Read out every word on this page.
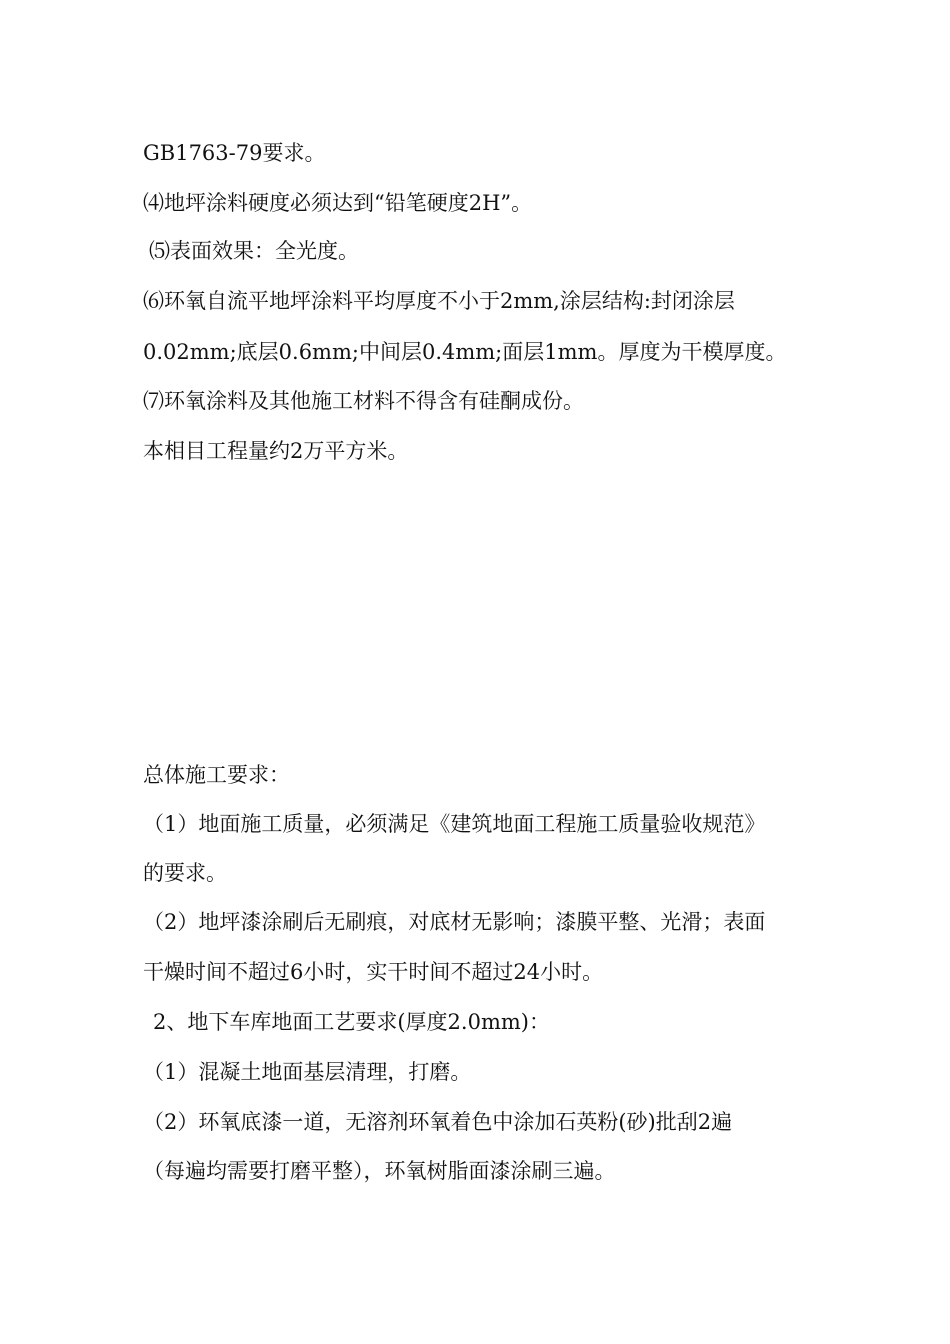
GB1763-79要求。
⑷地坪涂料硬度必须达到“铅笔硬度2H”。
⑸表面效果：全光度。
⑹环氧自流平地坪涂料平均厚度不小于2mm,涂层结构:封闭涂层
0.02mm;底层0.6mm;中间层0.4mm;面层1mm。厚度为干模厚度。
⑺环氧涂料及其他施工材料不得含有硅酮成份。
本相目工程量约2万平方米。
总体施工要求：
（1）地面施工质量，必须满足《建筑地面工程施工质量验收规范》
的要求。
（2）地坪漆涂刷后无刷痕，对底材无影响；漆膜平整、光滑；表面
干燥时间不超过6小时，实干时间不超过24小时。
2、地下车库地面工艺要求(厚度2.0mm)：
（1）混凝土地面基层清理，打磨。
（2）环氧底漆一道，无溶剂环氧着色中涂加石英粉(砂)批刮2遍
（每遍均需要打磨平整），环氧树脂面漆涂刷三遍。
